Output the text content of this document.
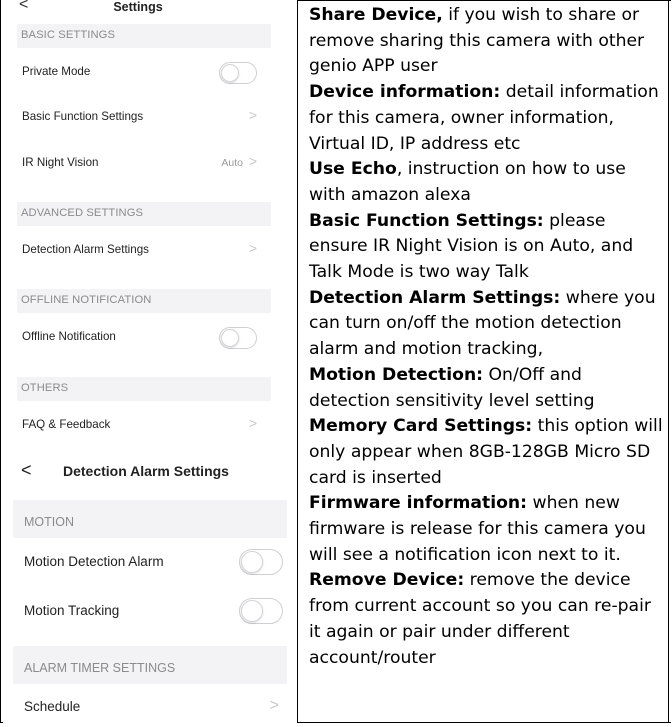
<	Settings
BASIC SETTINGS
Private Mode
Basic Function Settings	>
IR Night Vision	Auto >
ADVANCED SETTINGS
Detection Alarm Settings	>
OFFLINE NOTIFICATION
Offline Notification
OTHERS
FAQ & Feedback	>
< Detection Alarm Settings
MOTION
Motion Detection Alarm
Motion Tracking
ALARM TIMER SETTINGS
Schedule	>

Share Device, if you wish to share or remove sharing this camera with other genio APP user

Device information: detail information for this camera, owner information, Virtual ID, IP address etc

Use Echo, instruction on how to use with amazon alexa

Basic Function Settings: please ensure IR Night Vision is on Auto, and Talk Mode is two way Talk

Detection Alarm Settings: where you can turn on/off the motion detection alarm and motion tracking,

Motion Detection: On/Off and detection sensitivity level setting

Memory Card Settings: this option will only appear when 8GB-128GB Micro SD card is inserted

Firmware information: when new firmware is release for this camera you will see a notification icon next to it.

Remove Device: remove the device from current account so you can re-pair it again or pair under different account/router
